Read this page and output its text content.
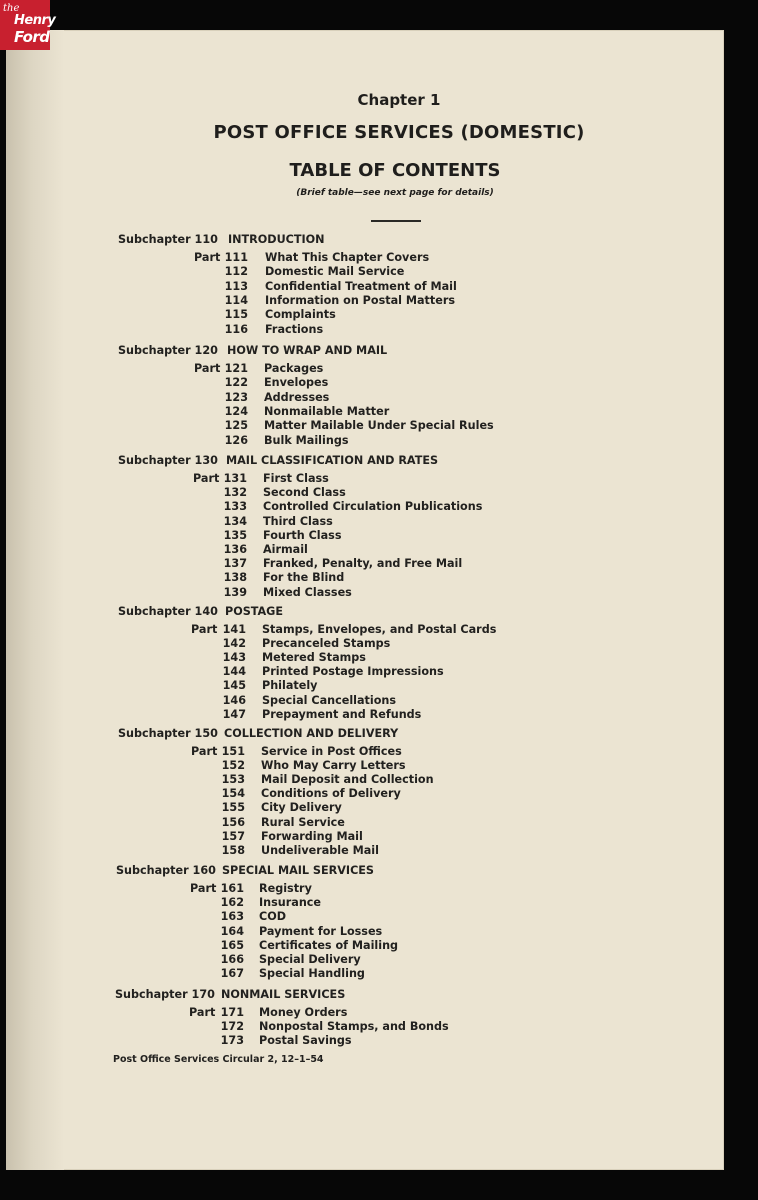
the
Henry
Ford
Chapter 1
POST OFFICE SERVICES (DOMESTIC)
TABLE OF CONTENTS
(Brief table—see next page for details)
Subchapter 110 INTRODUCTION
Part 111 What This Chapter Covers
112 Domestic Mail Service
113 Confidential Treatment of Mail
114 Information on Postal Matters
115 Complaints
116 Fractions
Subchapter 120 HOW TO WRAP AND MAIL
Part 121 Packages
122 Envelopes
123 Addresses
124 Nonmailable Matter
125 Matter Mailable Under Special Rules
126 Bulk Mailings
Subchapter 130 MAIL CLASSIFICATION AND RATES
Part 131 First Class
132 Second Class
133 Controlled Circulation Publications
134 Third Class
135 Fourth Class
136 Airmail
137 Franked, Penalty, and Free Mail
138 For the Blind
139 Mixed Classes
Subchapter 140 POSTAGE
Part 141 Stamps, Envelopes, and Postal Cards
142 Precanceled Stamps
143 Metered Stamps
144 Printed Postage Impressions
145 Philately
146 Special Cancellations
147 Prepayment and Refunds
Subchapter 150 COLLECTION AND DELIVERY
Part 151 Service in Post Offices
152 Who May Carry Letters
153 Mail Deposit and Collection
154 Conditions of Delivery
155 City Delivery
156 Rural Service
157 Forwarding Mail
158 Undeliverable Mail
Subchapter 160 SPECIAL MAIL SERVICES
Part 161 Registry
162 Insurance
163 COD
164 Payment for Losses
165 Certificates of Mailing
166 Special Delivery
167 Special Handling
Subchapter 170 NONMAIL SERVICES
Part 171 Money Orders
172 Nonpostal Stamps, and Bonds
173 Postal Savings
Post Office Services Circular 2, 12–1–54
